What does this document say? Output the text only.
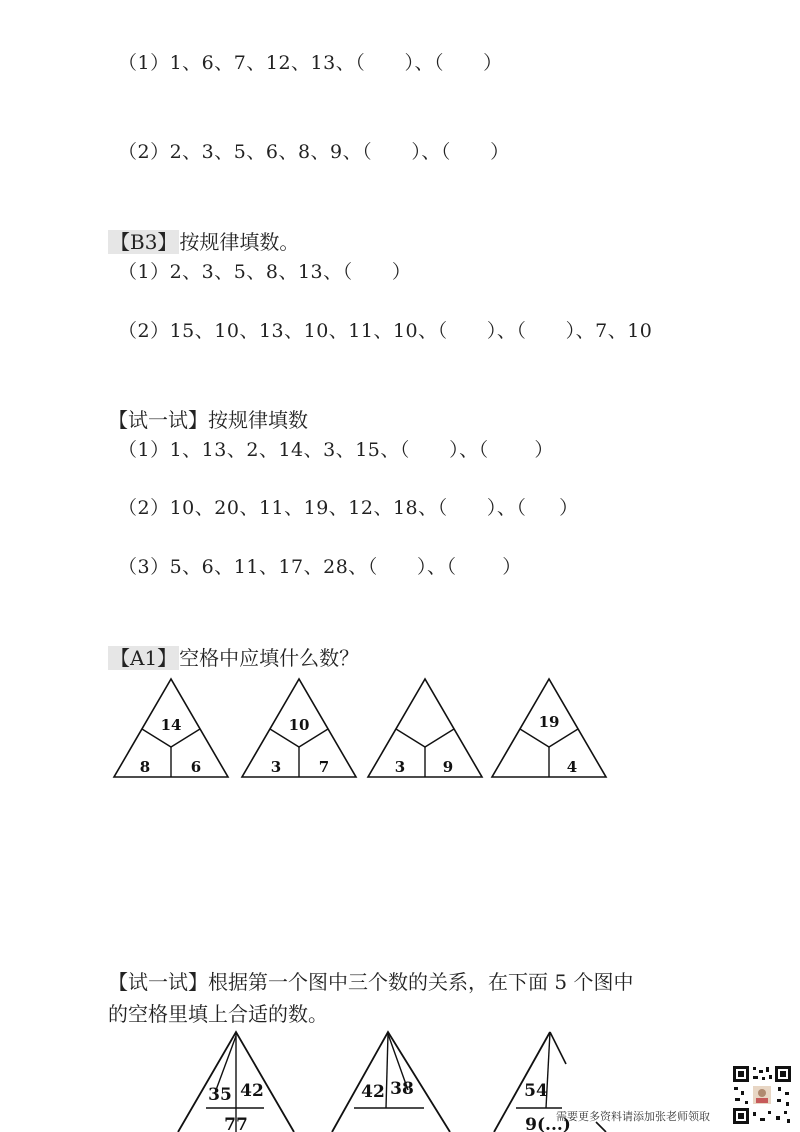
（1）1、6、7、12、13、（      ）、（      ）
（2）2、3、5、6、8、9、（      ）、（      ）
【B3】 按规律填数。
（1）2、3、5、8、13、（      ）
（2）15、10、13、10、11、10、（      ）、（      ）、7、10
【试一试】按规律填数
（1）1、13、2、14、3、15、（      ）、（       ）
（2）10、20、11、19、12、18、（      ）、（     ）
（3）5、6、11、17、28、（      ）、（       ）
【A1】 空格中应填什么数？
14
8	6
10
3	7	3	9
19
4
【试一试】根据第一个图中三个数的关系，在下面 5 个图中
的空格里填上合适的数。
35 42
77
42 38	54
9(...)
需要更多资料请添加张老师领取
